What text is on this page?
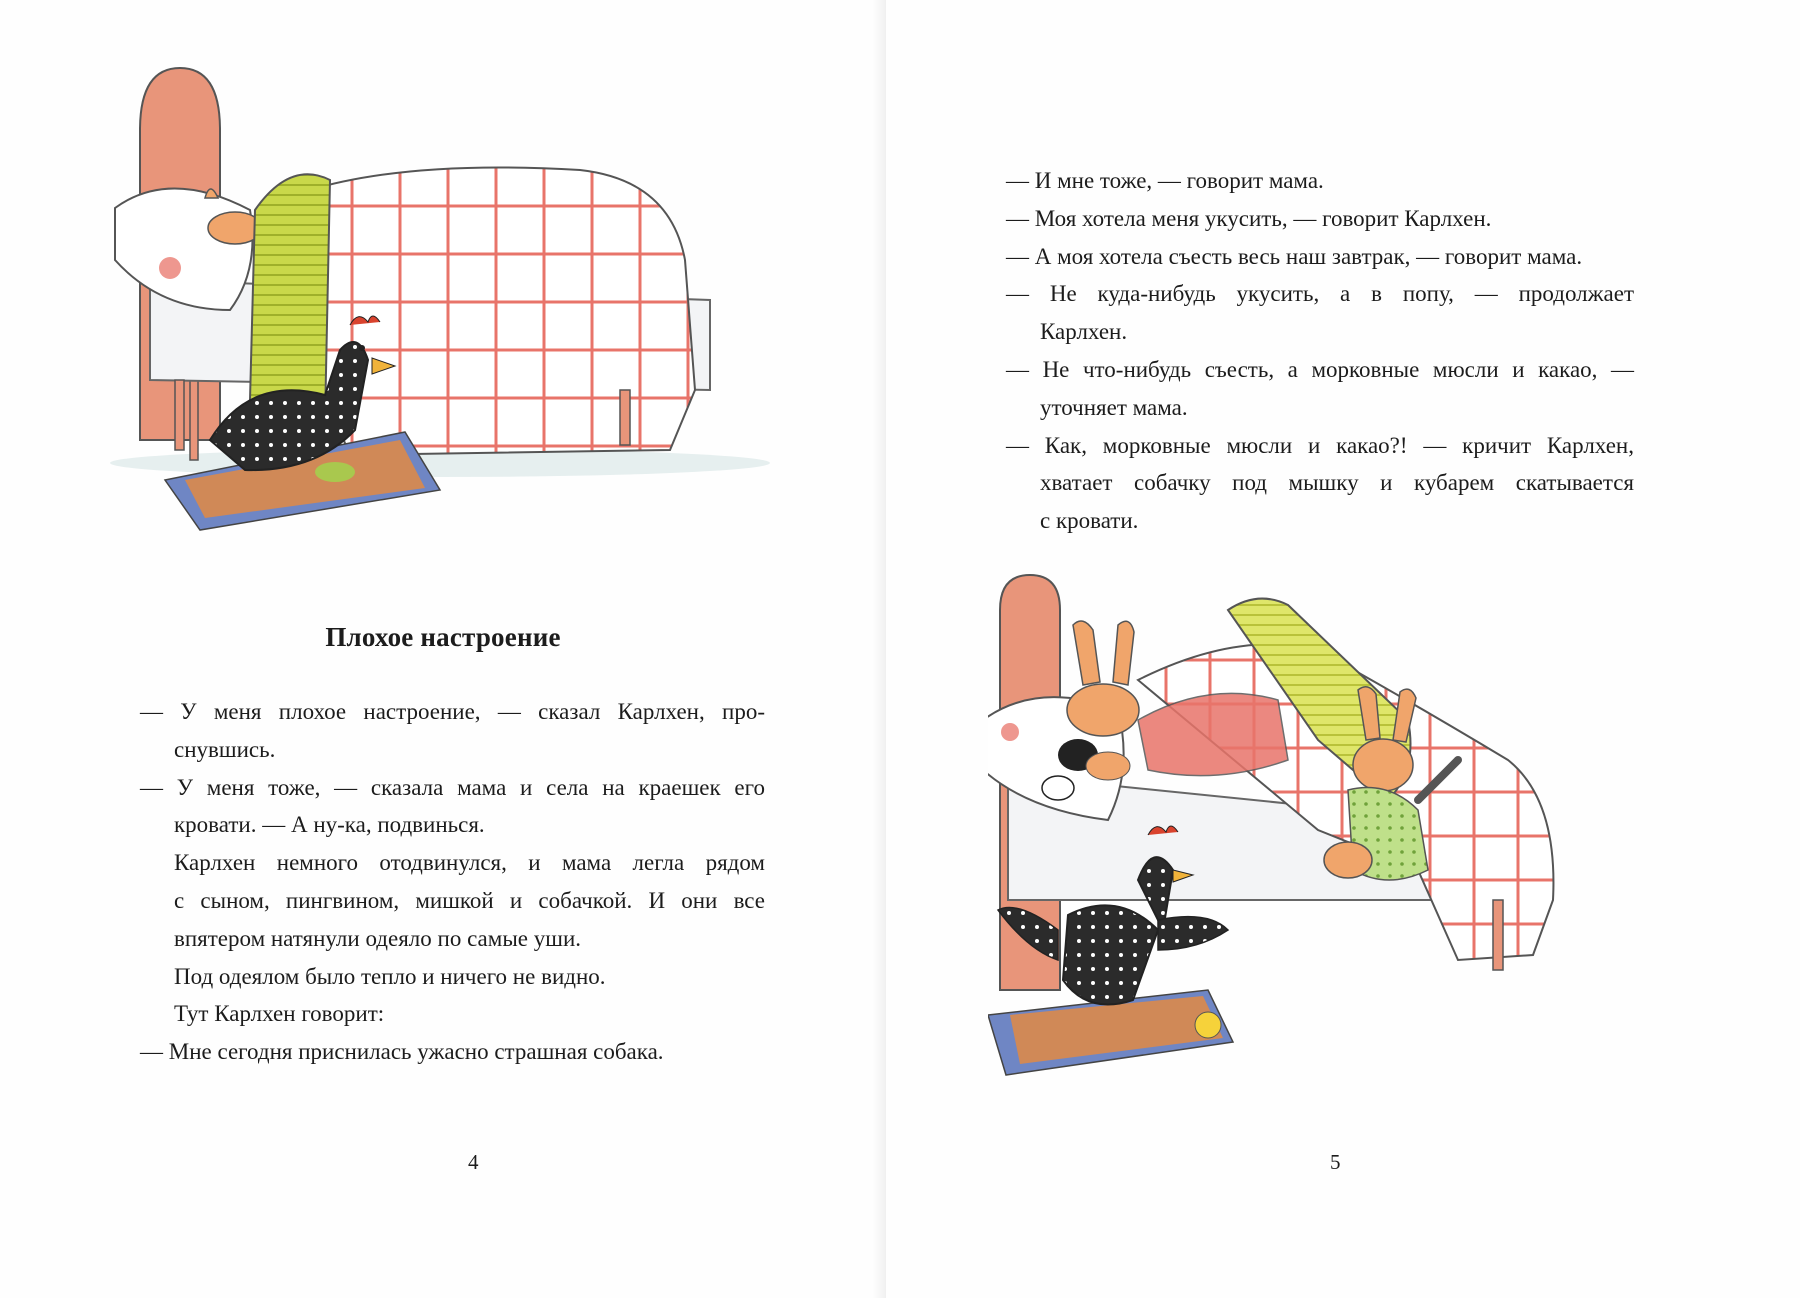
Плохое настроение
— У меня плохое настроение, — сказал Карлхен, про-
снувшись.
— У меня тоже, — сказала мама и села на краешек его
кровати. — А ну-ка, подвинься.
Карлхен немного отодвинулся, и мама легла рядом
с сыном, пингвином, мишкой и собачкой. И они все
впятером натянули одеяло по самые уши.
Под одеялом было тепло и ничего не видно.
Тут Карлхен говорит:
— Мне сегодня приснилась ужасно страшная собака.
4
— И мне тоже, — говорит мама.
— Моя хотела меня укусить, — говорит Карлхен.
— А моя хотела съесть весь наш завтрак, — говорит мама.
— Не куда-нибудь укусить, а в попу, — продолжает
Карлхен.
— Не что-нибудь съесть, а морковные мюсли и какао, —
уточняет мама.
— Как, морковные мюсли и какао?! — кричит Карлхен,
хватает собачку под мышку и кубарем скатывается
с кровати.
5
